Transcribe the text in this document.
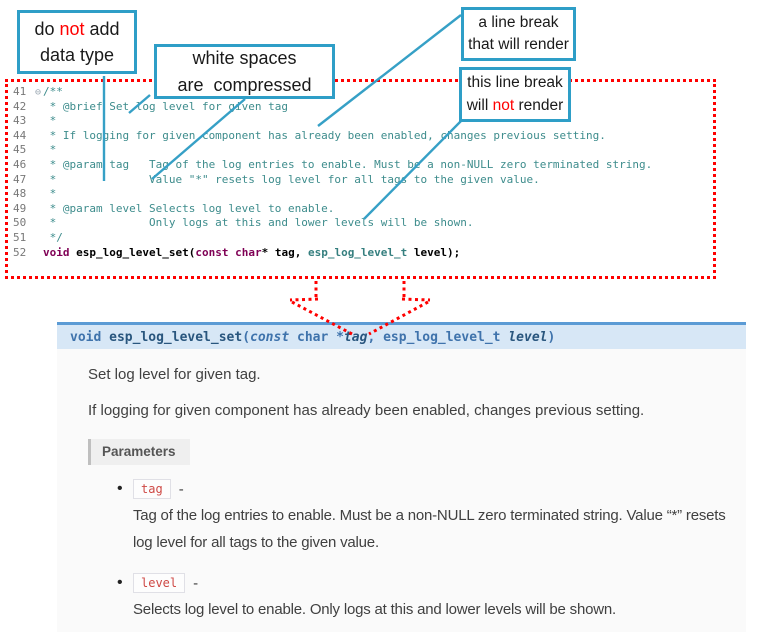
41 ⊖ /**
42  * @brief Set log level for given tag
43  *
44  * If logging for given component has already been enabled, changes previous setting.
45  *
46  * @param tag   Tag of the log entries to enable. Must be a non-NULL zero terminated string.
47  *              Value "*" resets log level for all tags to the given value.
48  *
49  * @param level Selects log level to enable.
50  *              Only logs at this and lower levels will be shown.
51  */
52 void esp_log_level_set(const char* tag, esp_log_level_t level);
do not add
data type	white spaces
are  compressed
a line break
that will render
this line break
will not render
void esp_log_level_set(const char *tag, esp_log_level_t level)
Set log level for given tag.
If logging for given component has already been enabled, changes previous setting.
Parameters
•	tag	-
Tag of the log entries to enable. Must be a non-NULL zero terminated string. Value “*” resets log level for all tags to the given value.
•	level	-
Selects log level to enable. Only logs at this and lower levels will be shown.
